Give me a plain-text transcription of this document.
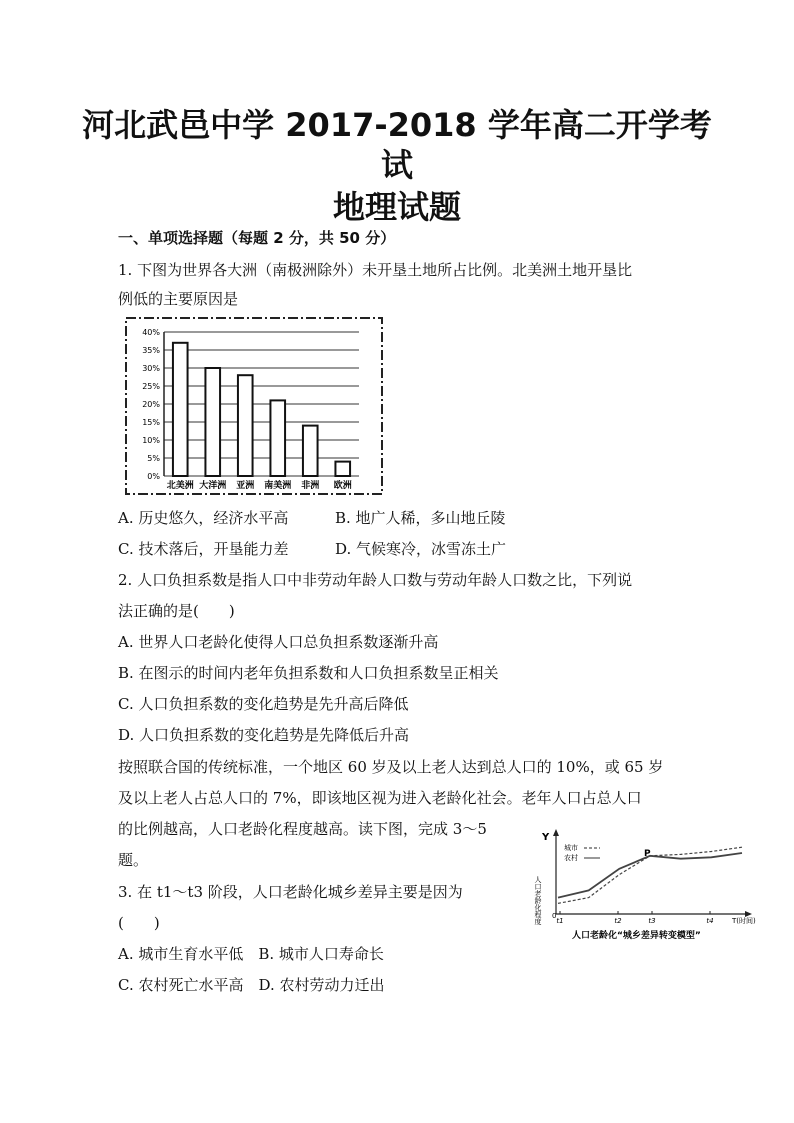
河北武邑中学 2017-2018 学年高二开学考
试
地理试题
一、单项选择题（每题 2 分，共 50 分）
1. 下图为世界各大洲（南极洲除外）未开垦土地所占比例。北美洲土地开垦比
例低的主要原因是
0%
5%
10%
15%
20%
25%
30%
35%
40%
北美洲 大洋洲 亚洲 南美洲 非洲 欧洲
A. 历史悠久，经济水平高	B. 地广人稀，多山地丘陵
C. 技术落后，开垦能力差	D. 气候寒冷，冰雪冻土广
2. 人口负担系数是指人口中非劳动年龄人口数与劳动年龄人口数之比，下列说
法正确的是(　　)
A. 世界人口老龄化使得人口总负担系数逐渐升高
B. 在图示的时间内老年负担系数和人口负担系数呈正相关
C. 人口负担系数的变化趋势是先升高后降低
D. 人口负担系数的变化趋势是先降低后升高
按照联合国的传统标准，一个地区 60 岁及以上老人达到总人口的 10%，或 65 岁
及以上老人占总人口的 7%，即该地区视为进入老龄化社会。老年人口占总人口
的比例越高，人口老龄化程度越高。读下图，完成 3～5
题。
Y
人口老龄化程度 0
T(时间)
t1	t2	t3	t4
城市
农村	P
人口老龄化“城乡差异转变模型”
3. 在 t1～t3 阶段，人口老龄化城乡差异主要是因为
(　　)
A. 城市生育水平低　B. 城市人口寿命长
C. 农村死亡水平高　D. 农村劳动力迁出
